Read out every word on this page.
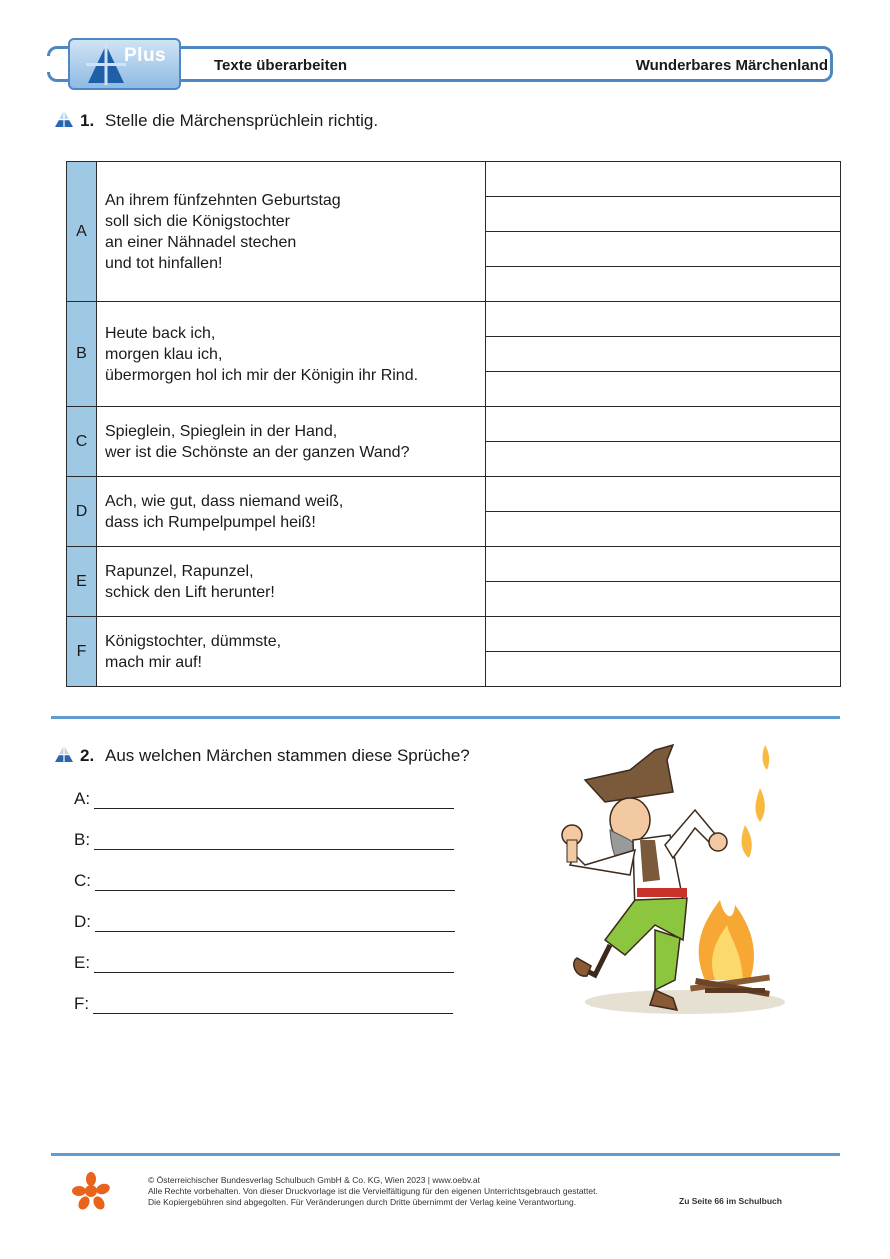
Plus	Texte überarbeiten	Wunderbares Märchenland
1. Stelle die Märchensprüchlein richtig.
A	An ihrem fünfzehnten Geburtstag
soll sich die Königstochter
an einer Nähnadel stechen
und tot hinfallen!	

B	Heute back ich,
morgen klau ich,
übermorgen hol ich mir der Königin ihr Rind.	

C	Spieglein, Spieglein in der Hand,
wer ist die Schönste an der ganzen Wand?	

D	Ach, wie gut, dass niemand weiß,
dass ich Rumpelpumpel heiß!	

E	Rapunzel, Rapunzel,
schick den Lift herunter!	

F	Königstochter, dümmste,
mach mir auf!	

2. Aus welchen Märchen stammen diese Sprüche?
A:
B:
C:
D:
E:
F:
© Österreichischer Bundesverlag Schulbuch GmbH & Co. KG, Wien 2023 | www.oebv.at
Alle Rechte vorbehalten. Von dieser Druckvorlage ist die Vervielfältigung für den eigenen Unterrichtsgebrauch gestattet.
Die Kopiergebühren sind abgegolten. Für Veränderungen durch Dritte übernimmt der Verlag keine Verantwortung.	Zu Seite 66 im Schulbuch
